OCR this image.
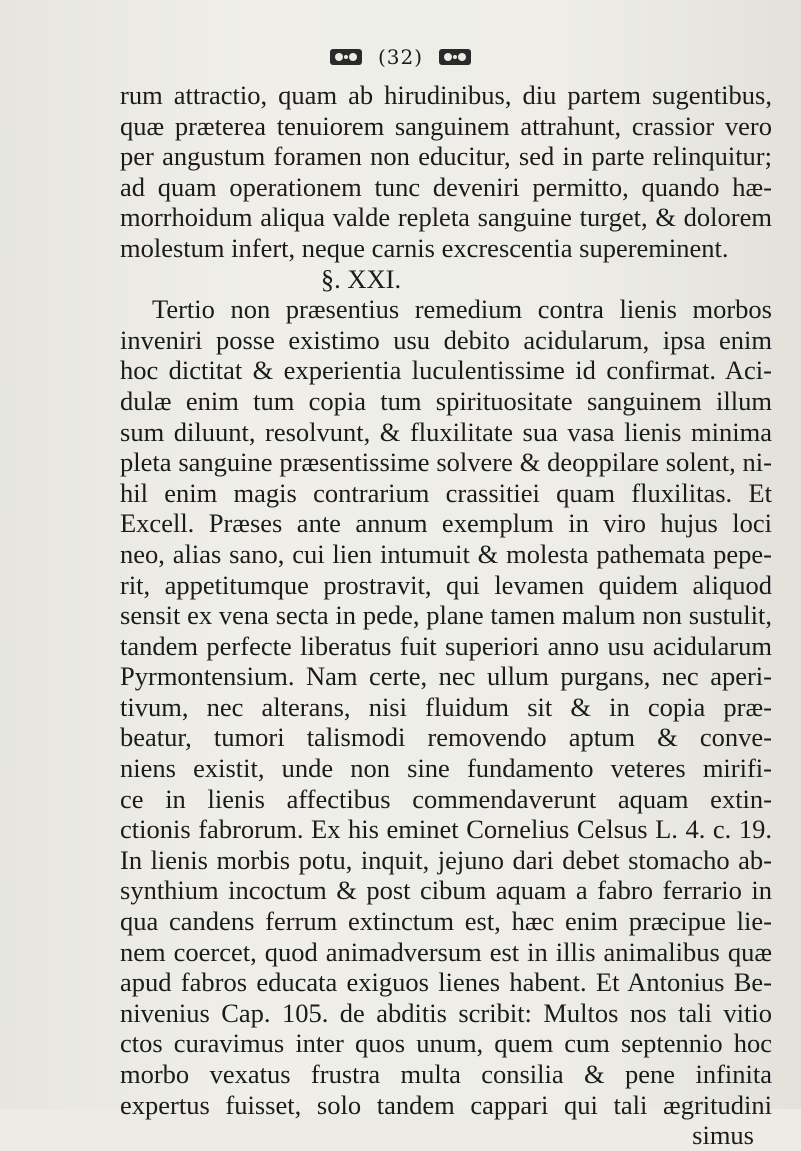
(32)
rum attractio, quam ab hirudinibus, diu partem sugentibus,
quæ præterea tenuiorem sanguinem attrahunt, crassior vero
per angustum foramen non educitur, sed in parte relinquitur;
ad quam operationem tunc deveniri permitto, quando hæ-
morrhoidum aliqua valde repleta sanguine turget, & dolorem
molestum infert, neque carnis excrescentia supereminent.
§. XXI.
Tertio non præsentius remedium contra lienis morbos
inveniri posse existimo usu debito acidularum, ipsa enim
hoc dictitat & experientia luculentissime id confirmat. Aci-
dulæ enim tum copia tum spirituositate sanguinem illum
sum diluunt, resolvunt, & fluxilitate sua vasa lienis minima
pleta sanguine præsentissime solvere & deoppilare solent, ni-
hil enim magis contrarium crassitiei quam fluxilitas. Et
Excell. Præses ante annum exemplum in viro hujus loci
neo, alias sano, cui lien intumuit & molesta pathemata pepe-
rit, appetitumque prostravit, qui levamen quidem aliquod
sensit ex vena secta in pede, plane tamen malum non sustulit,
tandem perfecte liberatus fuit superiori anno usu acidularum
Pyrmontensium. Nam certe, nec ullum purgans, nec aperi-
tivum, nec alterans, nisi fluidum sit & in copia præ-
beatur, tumori talismodi removendo aptum & conve-
niens existit, unde non sine fundamento veteres mirifi-
ce in lienis affectibus commendaverunt aquam extin-
ctionis fabrorum. Ex his eminet Cornelius Celsus L. 4. c. 19.
In lienis morbis potu, inquit, jejuno dari debet stomacho ab-
synthium incoctum & post cibum aquam a fabro ferrario in
qua candens ferrum extinctum est, hæc enim præcipue lie-
nem coercet, quod animadversum est in illis animalibus quæ
apud fabros educata exiguos lienes habent. Et Antonius Be-
nivenius Cap. 105. de abditis scribit: Multos nos tali vitio
ctos curavimus inter quos unum, quem cum septennio hoc
morbo vexatus frustra multa consilia & pene infinita
expertus fuisset, solo tandem cappari qui tali ægritudini
simus
